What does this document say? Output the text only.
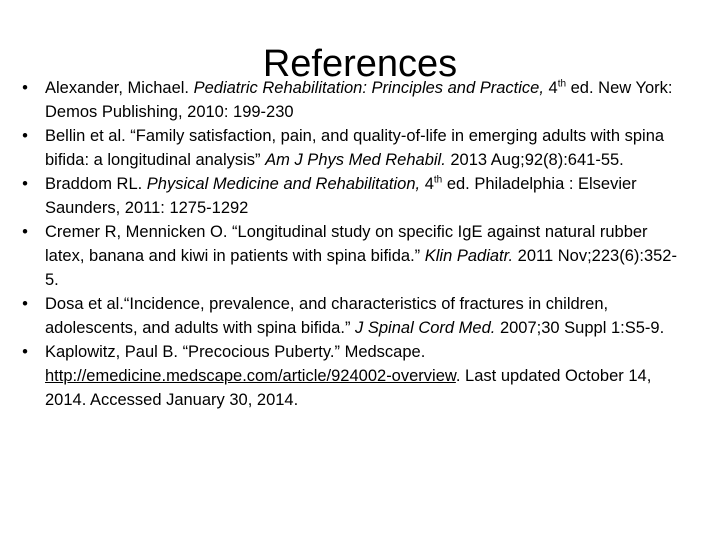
References
• Alexander, Michael. Pediatric Rehabilitation: Principles and Practice, 4th ed. New York: Demos Publishing, 2010: 199-230
• Bellin et al. “Family satisfaction, pain, and quality-of-life in emerging adults with spina bifida: a longitudinal analysis” Am J Phys Med Rehabil. 2013 Aug;92(8):641-55.
• Braddom RL. Physical Medicine and Rehabilitation, 4th ed. Philadelphia : Elsevier Saunders, 2011: 1275-1292
• Cremer R, Mennicken O. “Longitudinal study on specific IgE against natural rubber latex, banana and kiwi in patients with spina bifida.” Klin Padiatr. 2011 Nov;223(6):352-5.
• Dosa et al.“Incidence, prevalence, and characteristics of fractures in children, adolescents, and adults with spina bifida.” J Spinal Cord Med. 2007;30 Suppl 1:S5-9.
• Kaplowitz, Paul B. “Precocious Puberty.” Medscape. http://emedicine.medscape.com/article/924002-overview. Last updated October 14, 2014. Accessed January 30, 2014.
